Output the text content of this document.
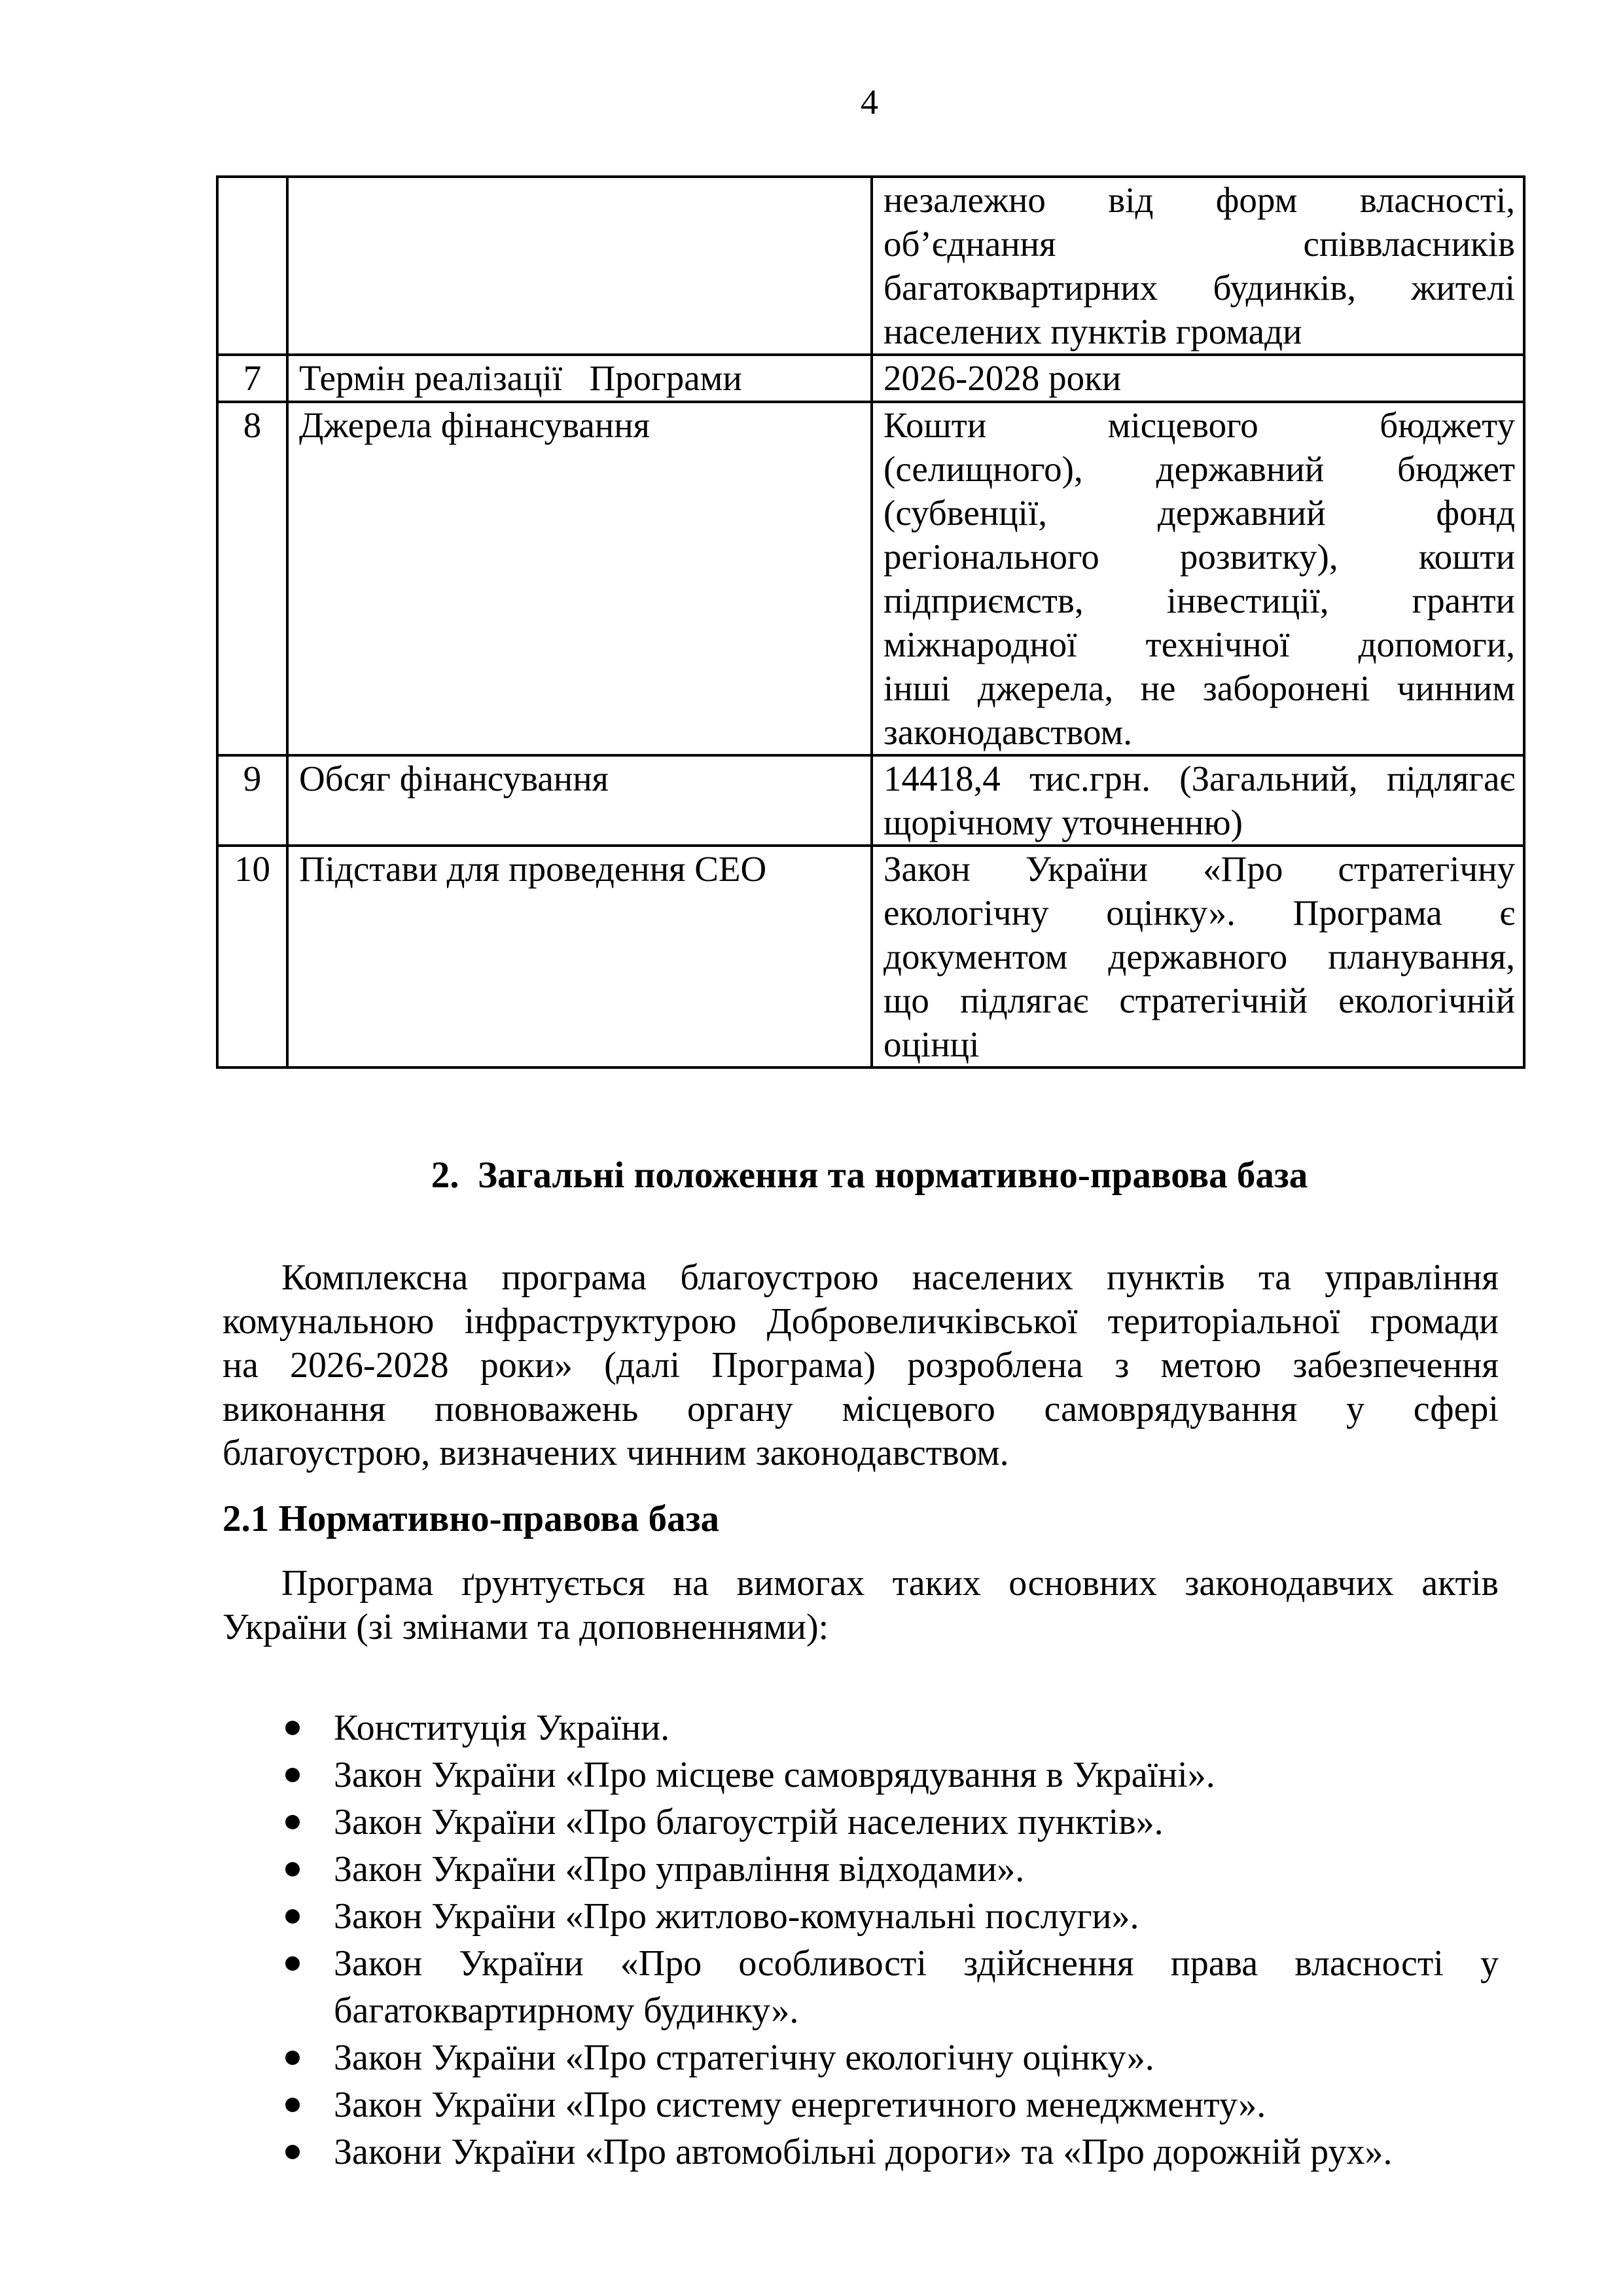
4

		незалежно від форм власності,
об’єднання співвласників
багатоквартирних будинків, жителі
населених пунктів громади

7	Термін реалізації   Програми	2026-2028 роки

8	Джерела фінансування	Кошти місцевого бюджету
(селищного), державний бюджет
(субвенції, державний фонд
регіонального розвитку), кошти
підприємств, інвестиції, гранти
міжнародної технічної допомоги,
інші джерела, не заборонені чинним
законодавством.

9	Обсяг фінансування	14418,4 тис.грн. (Загальний, підлягає
щорічному уточненню)

10	Підстави для проведення СЕО	Закон України «Про стратегічну
екологічну оцінку». Програма є
документом державного планування,
що підлягає стратегічній екологічній
оцінці
2.  Загальні положення та нормативно-правова база
Комплексна програма благоустрою населених пунктів та управління
комунальною інфраструктурою Добровеличківської територіальної громади
на 2026-2028 роки» (далі Програма) розроблена з метою забезпечення
виконання повноважень органу місцевого самоврядування у сфері
благоустрою, визначених чинним законодавством.
2.1 Нормативно-правова база
Програма ґрунтується на вимогах таких основних законодавчих актів
України (зі змінами та доповненнями):
Конституція України.
Закон України «Про місцеве самоврядування в Україні».
Закон України «Про благоустрій населених пунктів».
Закон України «Про управління відходами».
Закон України «Про житлово-комунальні послуги».
Закон України «Про особливості здійснення права власності у
багатоквартирному будинку».
Закон України «Про стратегічну екологічну оцінку».
Закон України «Про систему енергетичного менеджменту».
Закони України «Про автомобільні дороги» та «Про дорожній рух».
